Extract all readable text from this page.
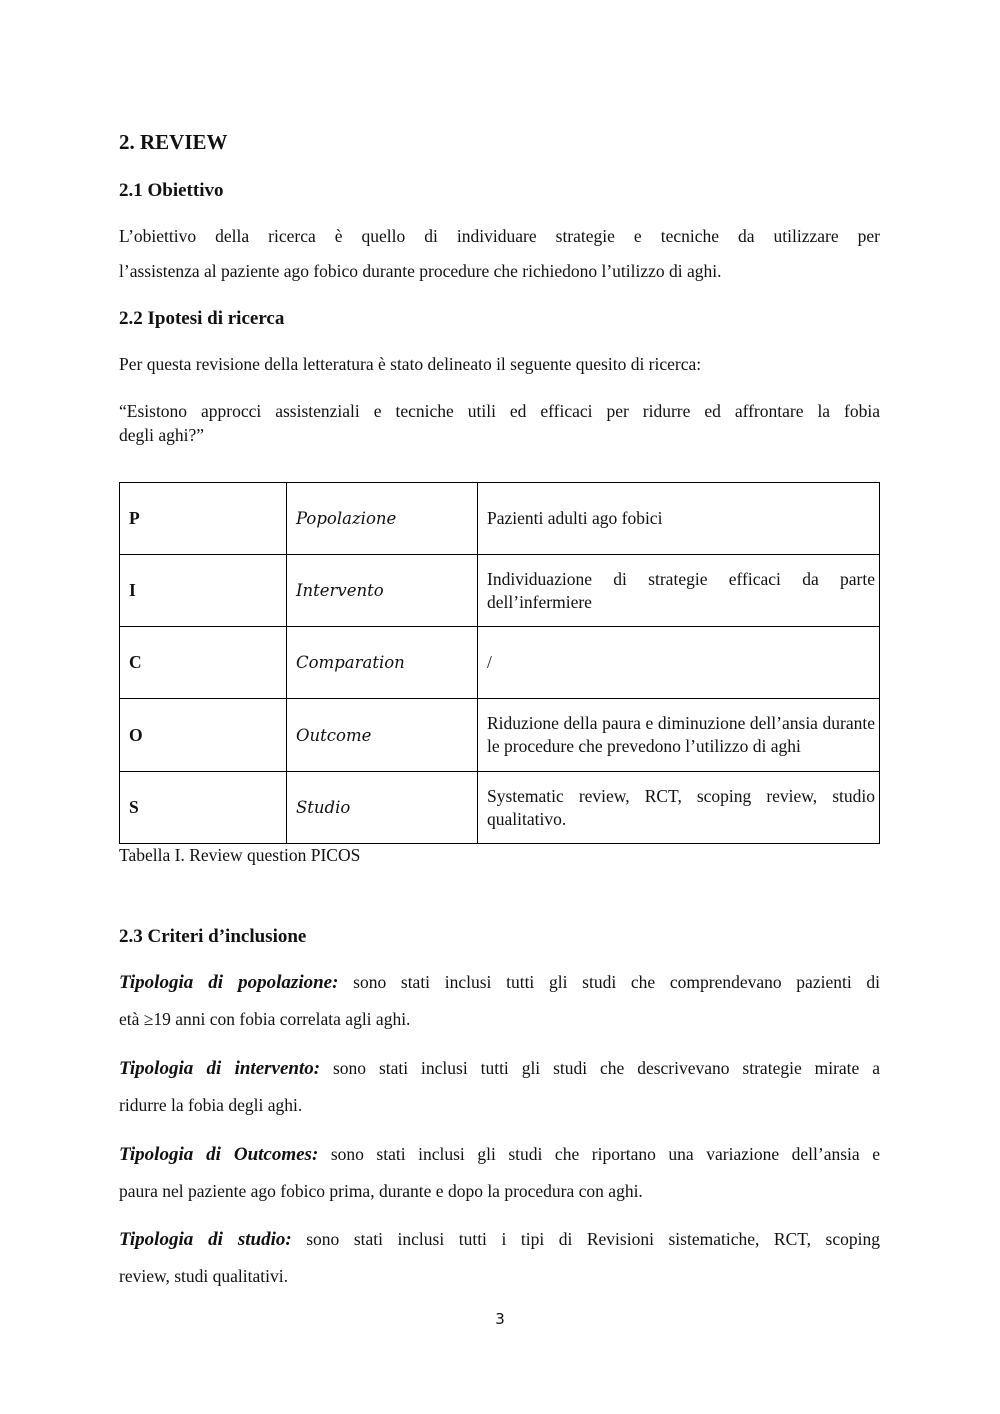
2. REVIEW
2.1 Obiettivo

L’obiettivo della ricerca è quello di individuare strategie e tecniche da utilizzare per

l’assistenza al paziente ago fobico durante procedure che richiedono l’utilizzo di aghi.

2.2 Ipotesi di ricerca

Per questa revisione della letteratura è stato delineato il seguente quesito di ricerca:

“Esistono approcci assistenziali e tecniche utili ed efficaci per ridurre ed affrontare la fobia

degli aghi?”

P	Popolazione	Pazienti adulti ago fobici
I	Intervento	Individuazione di strategie efficaci da parte dell’infermiere
C	Comparation	/
O	Outcome	Riduzione della paura e diminuzione dell’ansia durante le procedure che prevedono l’utilizzo di aghi
S	Studio	Systematic review, RCT, scoping review, studio qualitativo.

Tabella I. Review question PICOS

2.3 Criteri d’inclusione

Tipologia di popolazione: sono stati inclusi tutti gli studi che comprendevano pazienti di

età ≥19 anni con fobia correlata agli aghi.

Tipologia di intervento: sono stati inclusi tutti gli studi che descrivevano strategie mirate a

ridurre la fobia degli aghi.

Tipologia di Outcomes: sono stati inclusi gli studi che riportano una variazione dell’ansia e

paura nel paziente ago fobico prima, durante e dopo la procedura con aghi.

Tipologia di studio: sono stati inclusi tutti i tipi di Revisioni sistematiche, RCT, scoping

review, studi qualitativi.

3
